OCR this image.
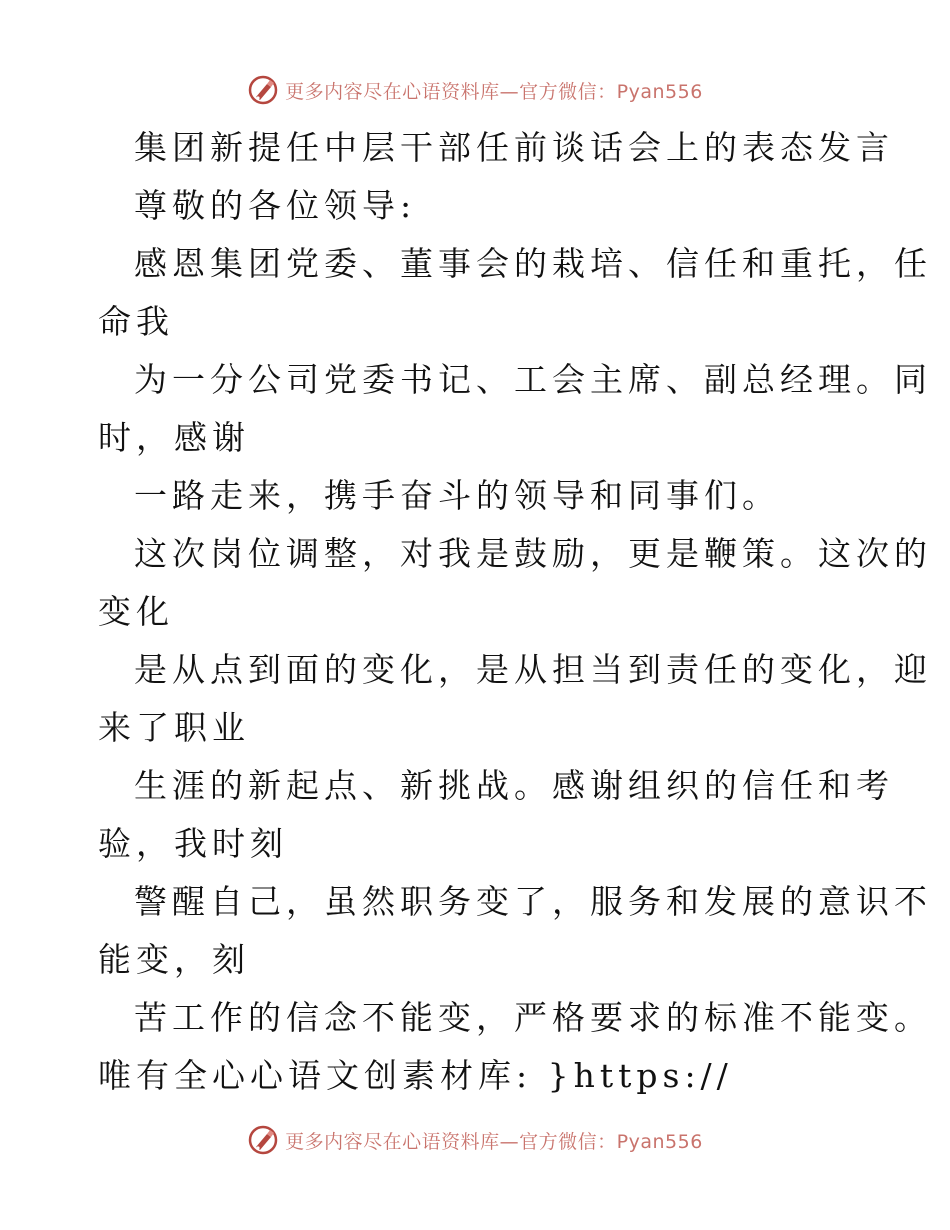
更多内容尽在心语资料库—官方微信：Pyan556
集团新提任中层干部任前谈话会上的表态发言
尊敬的各位领导:
感恩集团党委、董事会的栽培、信任和重托，任
命我
为一分公司党委书记、工会主席、副总经理。同
时，感谢
一路走来，携手奋斗的领导和同事们。
这次岗位调整，对我是鼓励，更是鞭策。这次的
变化
是从点到面的变化，是从担当到责任的变化，迎
来了职业
生涯的新起点、新挑战。感谢组织的信任和考
验，我时刻
警醒自己，虽然职务变了，服务和发展的意识不
能变，刻
苦工作的信念不能变，严格要求的标准不能变。
唯有全心心语文创素材库: }https://
更多内容尽在心语资料库—官方微信：Pyan556
